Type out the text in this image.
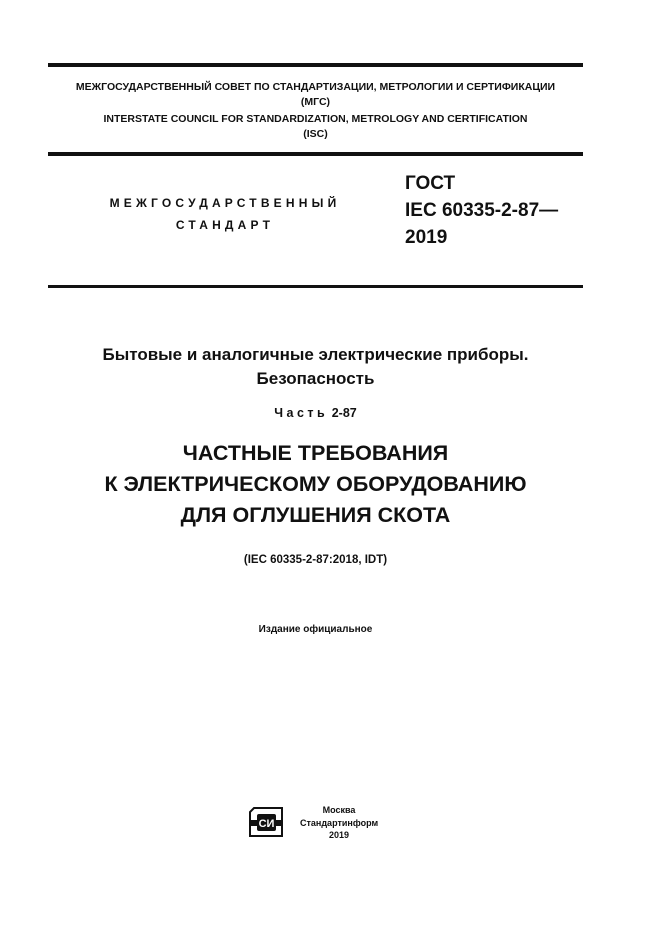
МЕЖГОСУДАРСТВЕННЫЙ СОВЕТ ПО СТАНДАРТИЗАЦИИ, МЕТРОЛОГИИ И СЕРТИФИКАЦИИ
(МГС)
INTERSTATE COUNCIL FOR STANDARDIZATION, METROLOGY AND CERTIFICATION
(ISC)
МЕЖГОСУДАРСТВЕННЫЙ
СТАНДАРТ
ГОСТ
IEC 60335-2-87—
2019
Бытовые и аналогичные электрические приборы.
Безопасность
Часть 2-87
ЧАСТНЫЕ ТРЕБОВАНИЯ
К ЭЛЕКТРИЧЕСКОМУ ОБОРУДОВАНИЮ
ДЛЯ ОГЛУШЕНИЯ СКОТА
(IEC 60335-2-87:2018, IDT)
Издание официальное
СИ
Москва
Стандартинформ
2019
